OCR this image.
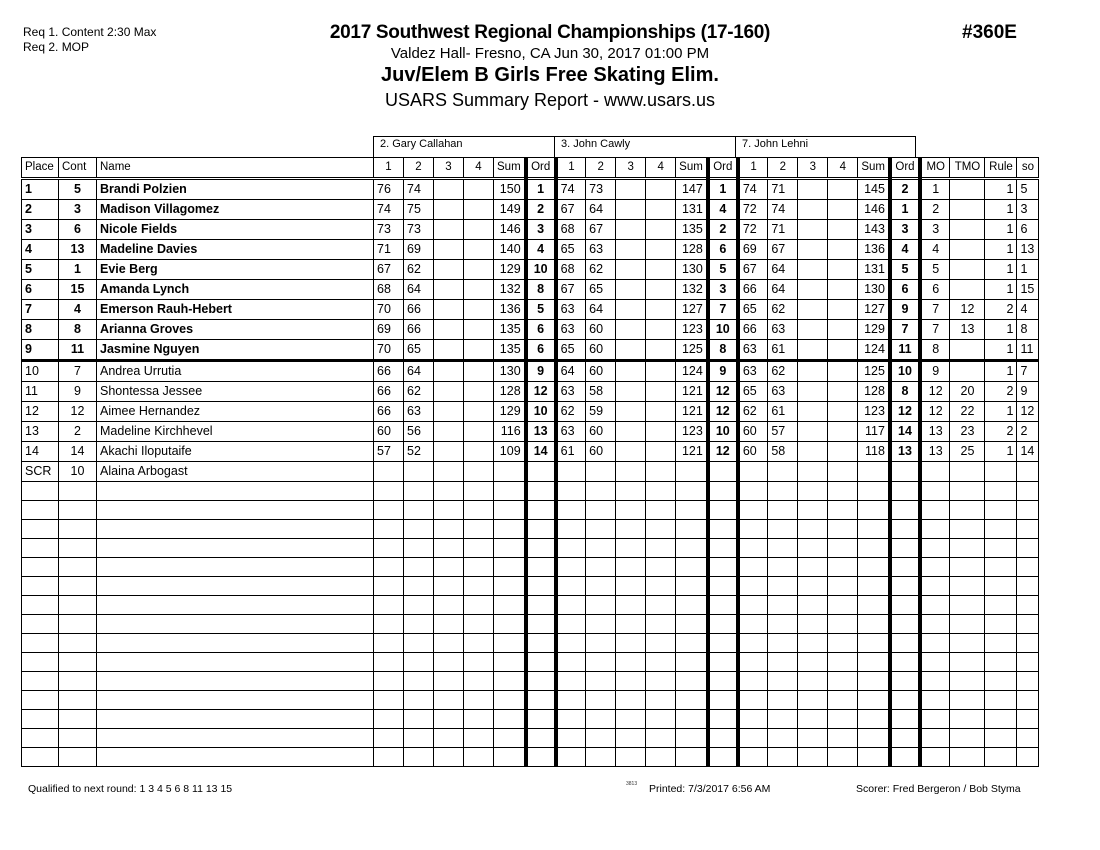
Req 1. Content 2:30 Max
Req 2. MOP
2017 Southwest Regional Championships (17-160)
Valdez Hall- Fresno, CA Jun 30, 2017 01:00 PM
Juv/Elem B Girls Free Skating Elim.
USARS Summary Report - www.usars.us
#360E
2. Gary Callahan	3. John Cawly	7. John Lehni
Place	Cont	Name	1	2	3	4	Sum	Ord	1	2	3	4	Sum	Ord	1	2	3	4	Sum	Ord	MO	TMO	Rule	so
1	5	Brandi Polzien	76	74			150	1	74	73			147	1	74	71			145	2	1		1	5
2	3	Madison Villagomez	74	75			149	2	67	64			131	4	72	74			146	1	2		1	3
3	6	Nicole Fields	73	73			146	3	68	67			135	2	72	71			143	3	3		1	6
4	13	Madeline Davies	71	69			140	4	65	63			128	6	69	67			136	4	4		1	13
5	1	Evie Berg	67	62			129	10	68	62			130	5	67	64			131	5	5		1	1
6	15	Amanda Lynch	68	64			132	8	67	65			132	3	66	64			130	6	6		1	15
7	4	Emerson Rauh-Hebert	70	66			136	5	63	64			127	7	65	62			127	9	7	12	2	4
8	8	Arianna Groves	69	66			135	6	63	60			123	10	66	63			129	7	7	13	1	8
9	11	Jasmine Nguyen	70	65			135	6	65	60			125	8	63	61			124	11	8		1	11
10	7	Andrea Urrutia	66	64			130	9	64	60			124	9	63	62			125	10	9		1	7
11	9	Shontessa Jessee	66	62			128	12	63	58			121	12	65	63			128	8	12	20	2	9
12	12	Aimee Hernandez	66	63			129	10	62	59			121	12	62	61			123	12	12	22	1	12
13	2	Madeline Kirchhevel	60	56			116	13	63	60			123	10	60	57			117	14	13	23	2	2
14	14	Akachi Iloputaife	57	52			109	14	61	60			121	12	60	58			118	13	13	25	1	14
SCR	10	Alaina Arbogast																						

Qualified to next round: 1 3 4 5 6 8 11 13 15	3813 Printed: 7/3/2017 6:56 AM	Scorer: Fred Bergeron / Bob Styma
